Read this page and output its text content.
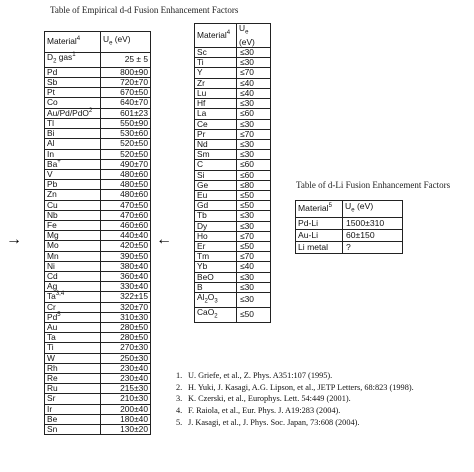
Table of Empirical d-d Fusion Enhancement Factors
Material$^4$	$U_e$ (eV)
$D_2$ gas$^1$	25 ± 5
Pd	800±90
Sb	720±70
Pt	670±50
Co	640±70
Au/Pd/PdO$^2$	601±23
Tl	550±90
Bi	530±60
Al	520±50
In	520±50
Ba+	490±70
V	480±60
Pb	480±50
Zn	480±60
Cu	470±50
Nb	470±60
Fe	460±60
Mg	440±40
Mo	420±50
Mn	390±50
Ni	380±40
Cd	360±40
Ag	330±40
Ta$^{3,4}$	322±15
Cr	320±70
Pd$^5$	310±30
Au	280±50
Ta	280±50
Ti	270±30
W	250±30
Rh	230±40
Re	230±40
Ru	215±30
Sr	210±30
Ir	200±40
Be	180±40
Sn	130±20
Material$^4$	$U_e$
(eV)
Sc	≤30
Ti	≤30
Y	≤70
Zr	≤40
Lu	≤40
Hf	≤30
La	≤60
Ce	≤30
Pr	≤70
Nd	≤30
Sm	≤30
C	≤60
Si	≤60
Ge	≤80
Eu	≤50
Gd	≤50
Tb	≤30
Dy	≤30
Ho	≤70
Er	≤50
Tm	≤70
Yb	≤40
BeO	≤30
B	≤30
$Al_2O_3$	≤30
CaO$_2$	≤50
Table of d-Li Fusion Enhancement Factors
Material$^5$	$U_e$ (eV)
Pd-Li	1500±310
Au-Li	60±150
Li metal	?
→	←
1. U. Griefe, et al., Z. Phys. A351:107 (1995).
2. H. Yuki, J. Kasagi, A.G. Lipson, et al., JETP Letters, 68:823 (1998).
3. K. Czerski, et al., Europhys. Lett. 54:449 (2001).
4. F. Raiola, et al., Eur. Phys. J. A19:283 (2004).
5. J. Kasagi, et al., J. Phys. Soc. Japan, 73:608 (2004).
